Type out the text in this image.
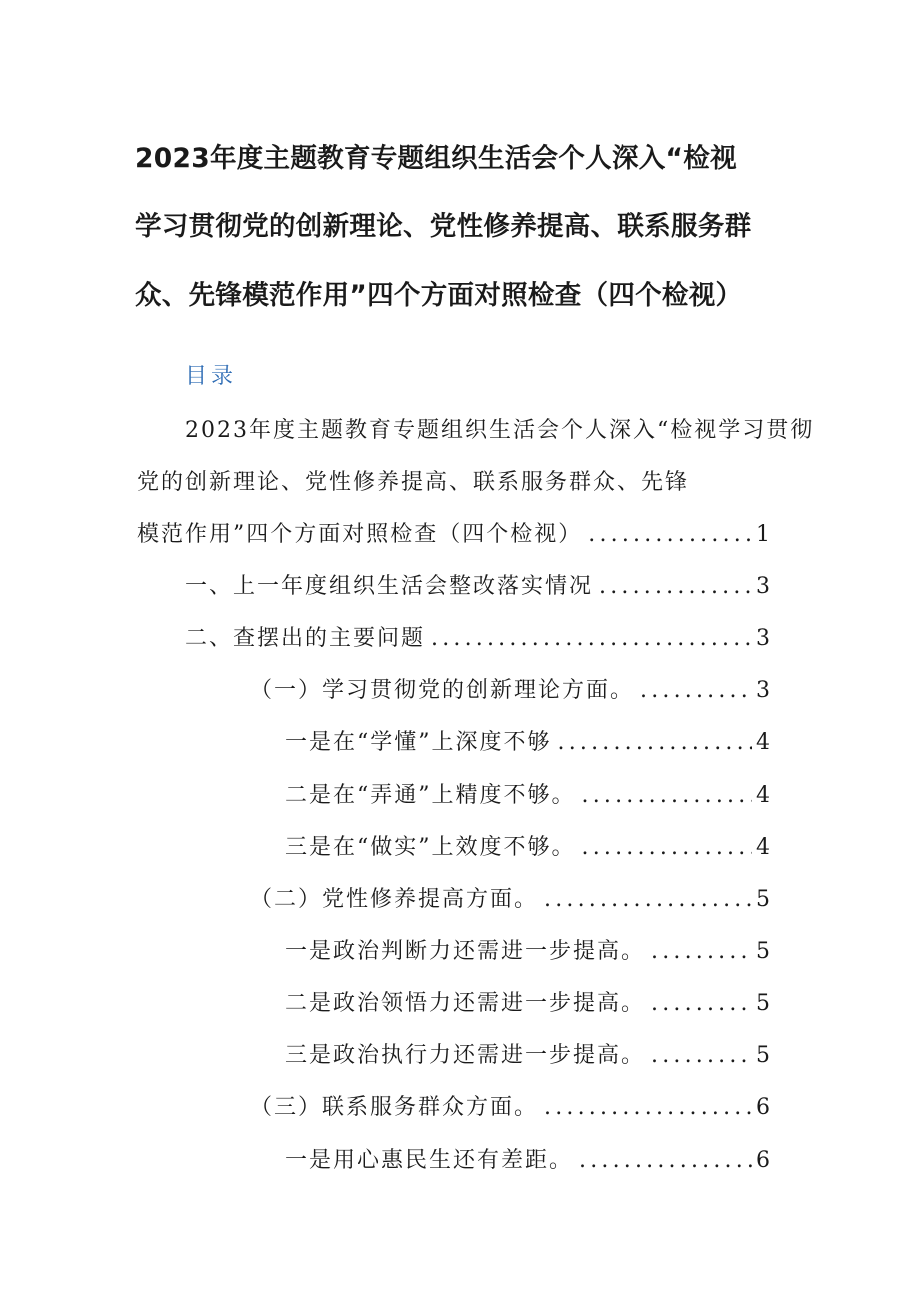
2023年度主题教育专题组织生活会个人深入“检视
学习贯彻党的创新理论、党性修养提高、联系服务群
众、先锋模范作用”四个方面对照检查（四个检视）
目录
2023年度主题教育专题组织生活会个人深入“检视学习贯彻
党的创新理论、党性修养提高、联系服务群众、先锋
模范作用”四个方面对照检查（四个检视） .....	1
一、上一年度组织生活会整改落实情况 .....	3
二、查摆出的主要问题 .....	3
（一）学习贯彻党的创新理论方面。 .....	3
一是在“学懂”上深度不够 .....	4
二是在“弄通”上精度不够。 .....	4
三是在“做实”上效度不够。 .....	4
（二）党性修养提高方面。 .....	5
一是政治判断力还需进一步提高。 .....	5
二是政治领悟力还需进一步提高。 .....	5
三是政治执行力还需进一步提高。 .....	5
（三）联系服务群众方面。 .....	6
一是用心惠民生还有差距。 .....	6
